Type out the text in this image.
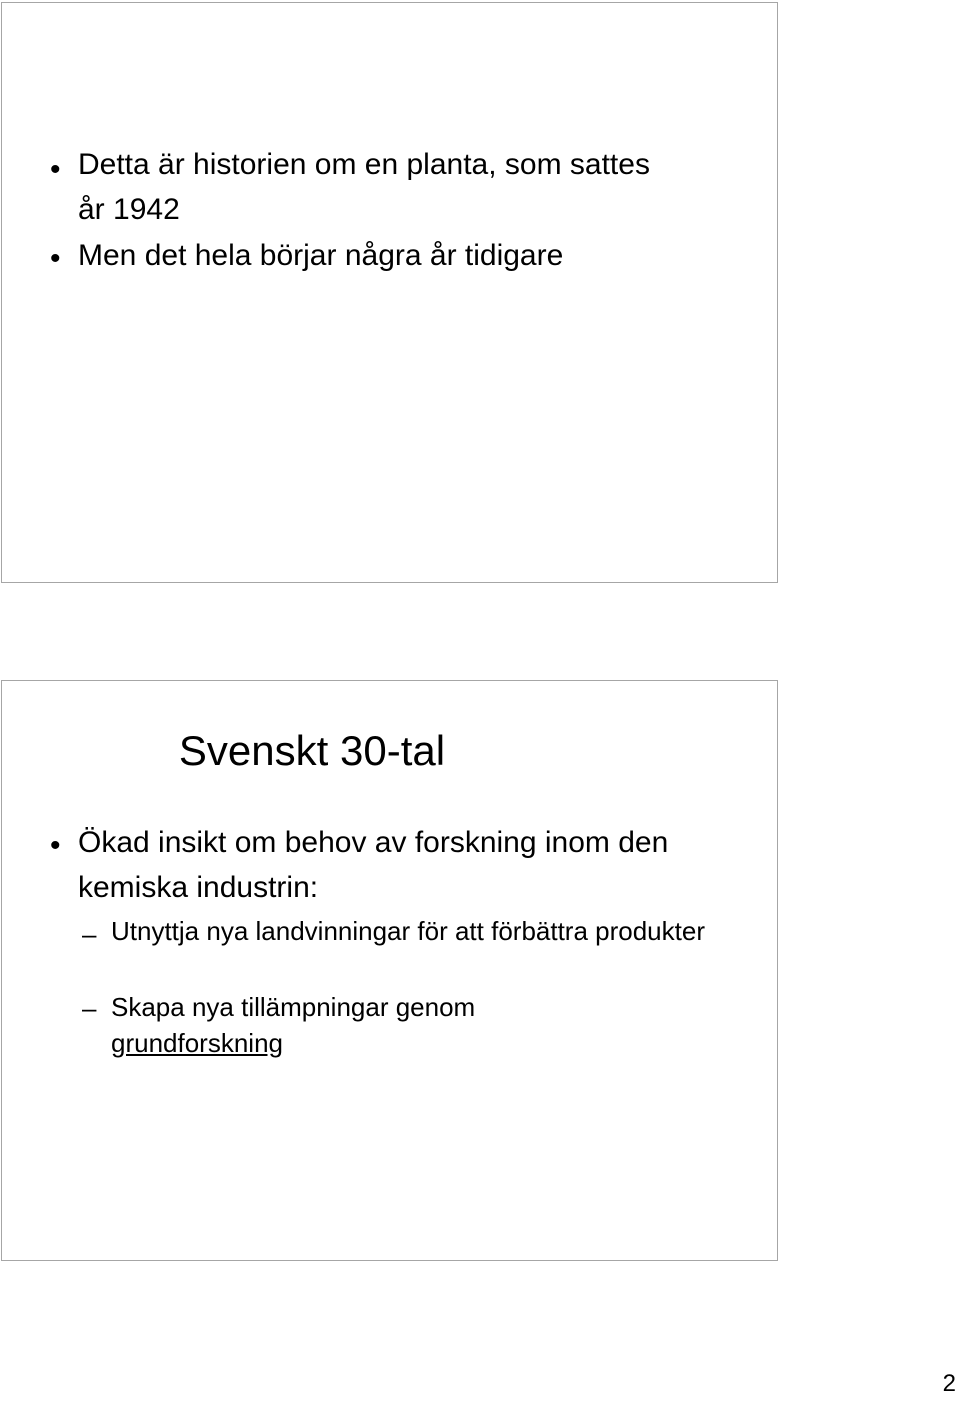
• Detta är historien om en planta, som sattes år 1942
• Men det hela börjar några år tidigare
Svenskt 30-tal
• Ökad insikt om behov av forskning inom den kemiska industrin:
– Utnyttja nya landvinningar för att förbättra produkter
– Skapa nya tillämpningar genom
grundforskning
2
